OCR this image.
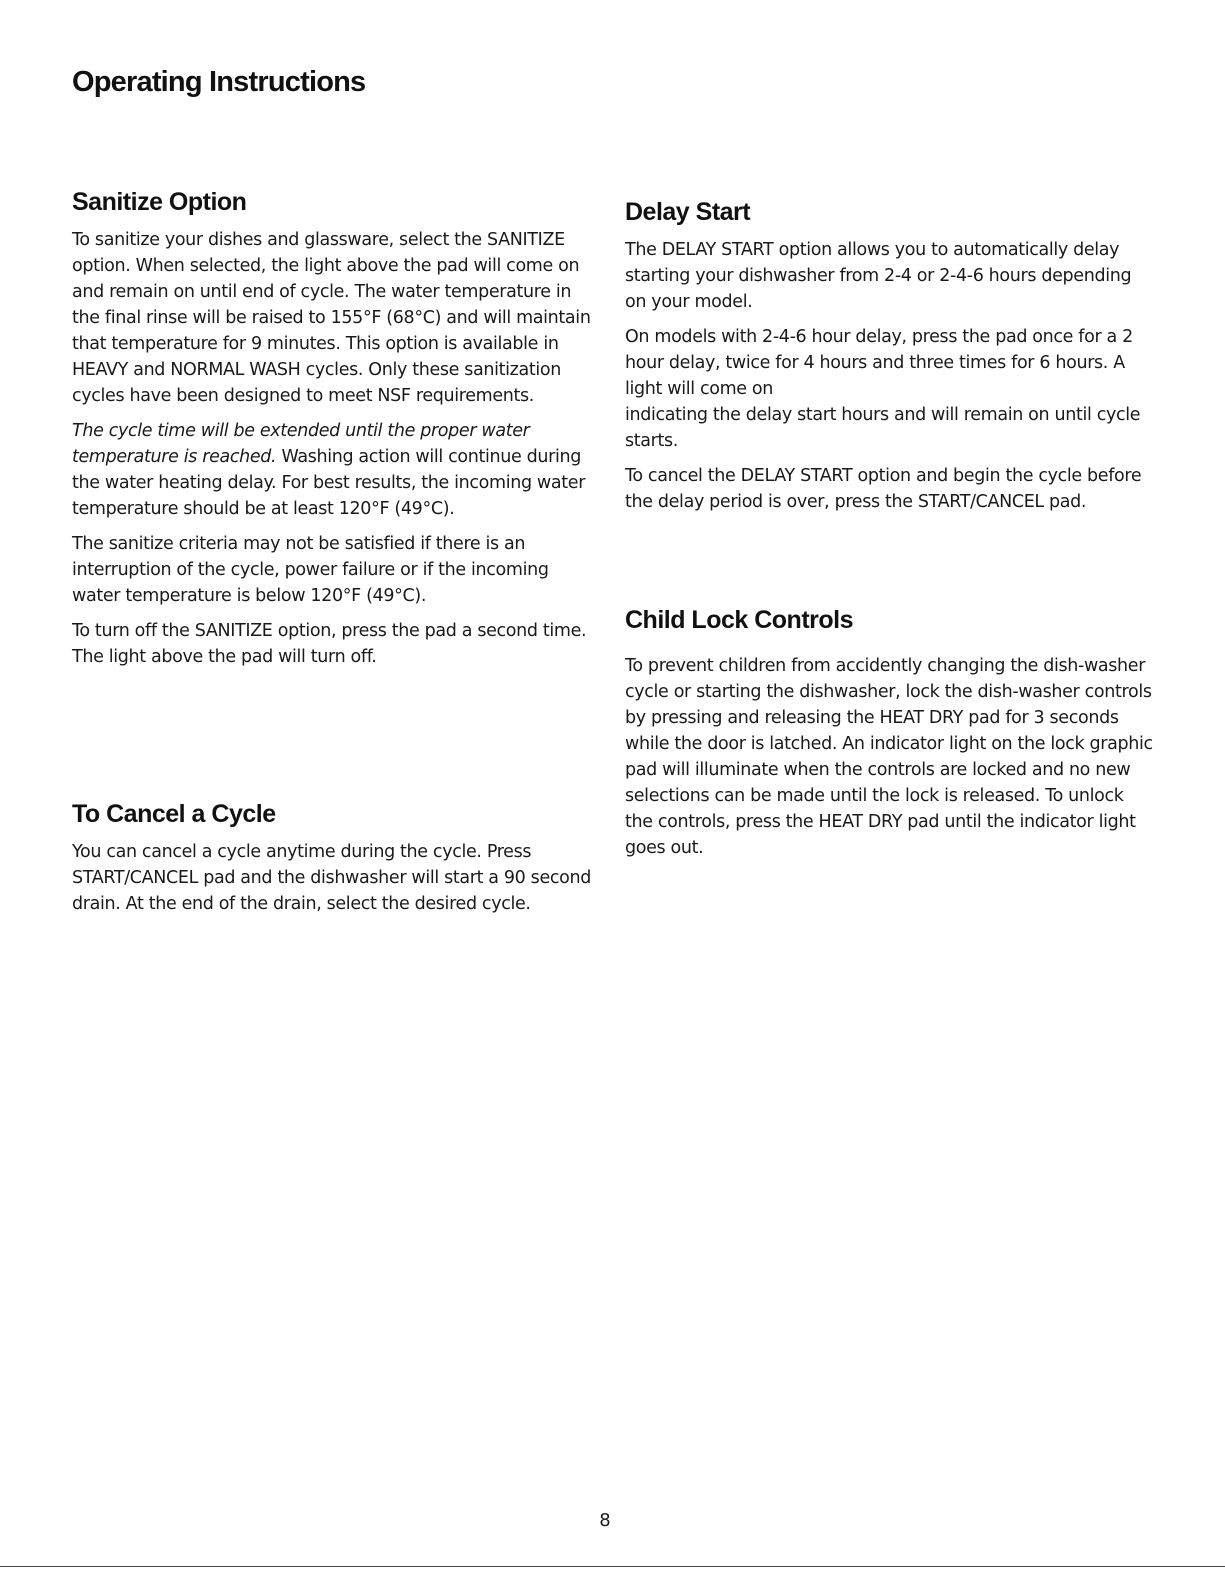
Operating Instructions
Sanitize Option

To sanitize your dishes and glassware, select the SANITIZE option. When selected, the light above the pad will come on and remain on until end of cycle. The water temperature in the final rinse will be raised to 155°F (68°C) and will maintain that temperature for 9 minutes. This option is available in HEAVY and NORMAL WASH cycles. Only these sanitization cycles have been designed to meet NSF requirements.

The cycle time will be extended until the proper water temperature is reached. Washing action will continue during the water heating delay. For best results, the incoming water temperature should be at least 120°F (49°C).

The sanitize criteria may not be satisfied if there is an interruption of the cycle, power failure or if the incoming water temperature is below 120°F (49°C).

To turn off the SANITIZE option, press the pad a second time. The light above the pad will turn off.

To Cancel a Cycle

You can cancel a cycle anytime during the cycle. Press START/CANCEL pad and the dishwasher will start a 90 second drain. At the end of the drain, select the desired cycle.

Delay Start

The DELAY START option allows you to automatically delay starting your dishwasher from 2-4 or 2-4-6 hours depending on your model.

On models with 2-4-6 hour delay, press the pad once for a 2 hour delay, twice for 4 hours and three times for 6 hours. A light will come on

indicating the delay start hours and will remain on until cycle starts.

To cancel the DELAY START option and begin the cycle before the delay period is over, press the START/CANCEL pad.

Child Lock Controls

To prevent children from accidently changing the dish-washer cycle or starting the dishwasher, lock the dish-washer controls by pressing and releasing the HEAT DRY pad for 3 seconds while the door is latched. An indicator light on the lock graphic pad will illuminate when the controls are locked and no new selections can be made until the lock is released. To unlock the controls, press the HEAT DRY pad until the indicator light goes out.

8
